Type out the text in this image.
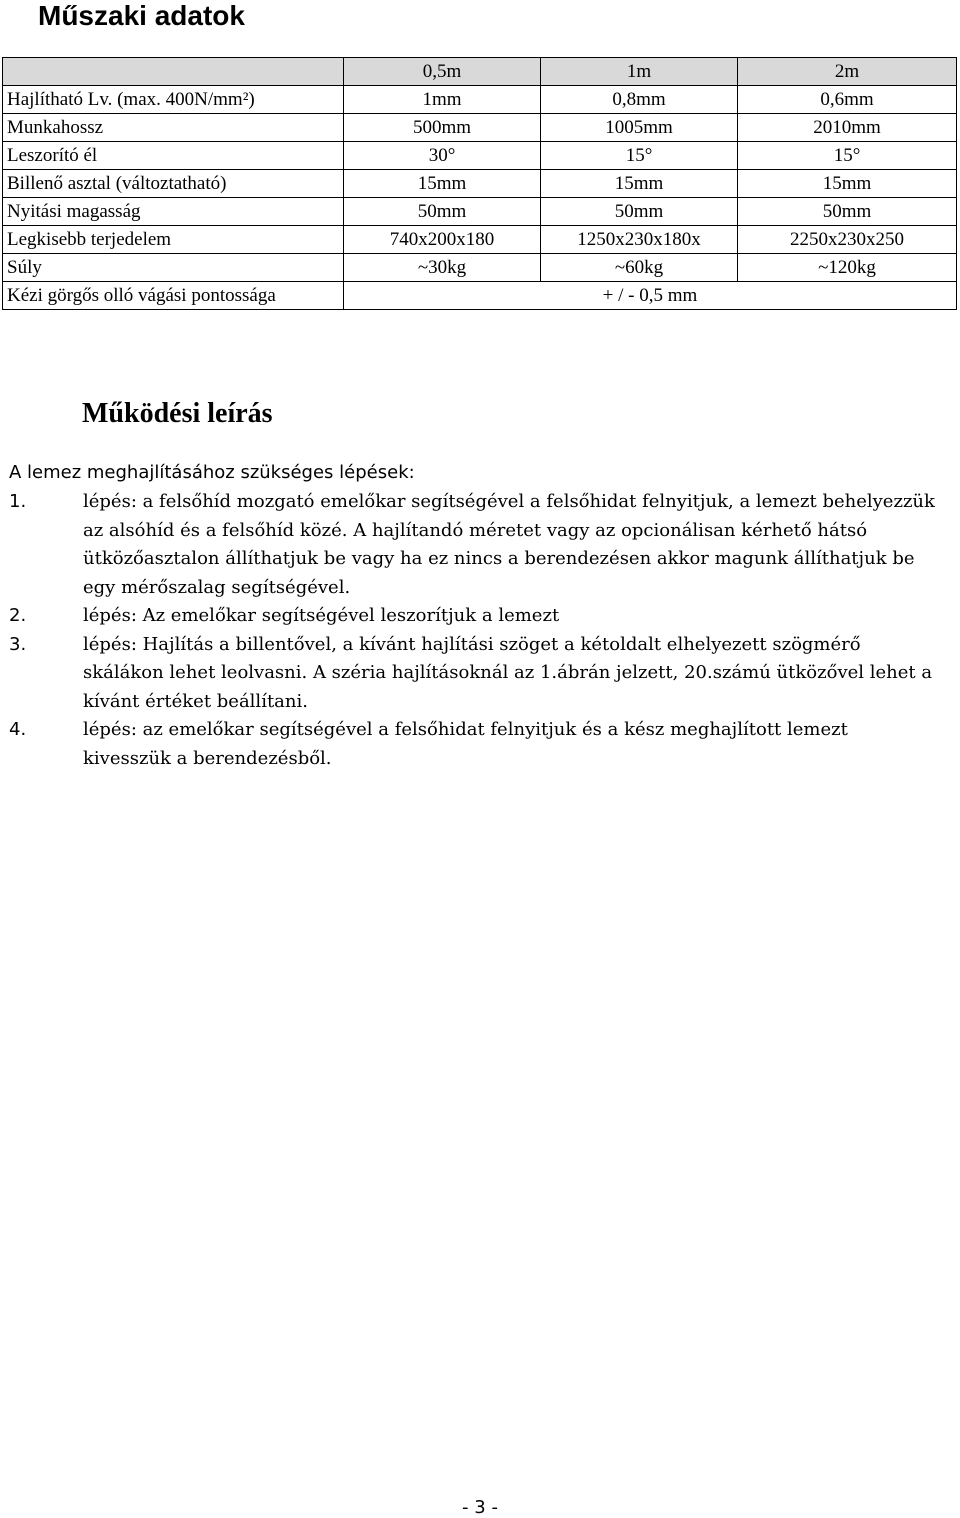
Műszaki adatok
	0,5m	1m	2m
Hajlítható Lv. (max. 400N/mm²)	1mm	0,8mm	0,6mm
Munkahossz	500mm	1005mm	2010mm
Leszorító él	30°	15°	15°
Billenő asztal (változtatható)	15mm	15mm	15mm
Nyitási magasság	50mm	50mm	50mm
Legkisebb terjedelem	740x200x180	1250x230x180x	2250x230x250
Súly	~30kg	~60kg	~120kg
Kézi görgős olló vágási pontossága	+ / - 0,5 mm		
Működési leírás

A lemez meghajlításához szükséges lépések:

1.	lépés: a felsőhíd mozgató emelőkar segítségével a felsőhidat felnyitjuk, a lemezt behelyezzük az alsóhíd és a felsőhíd közé. A hajlítandó méretet vagy az opcionálisan kérhető hátsó ütközőasztalon állíthatjuk be vagy ha ez nincs a berendezésen akkor magunk állíthatjuk be egy mérőszalag segítségével.
2.	lépés: Az emelőkar segítségével leszorítjuk a lemezt
3.	lépés: Hajlítás a billentővel, a kívánt hajlítási szöget a kétoldalt elhelyezett szögmérő skálákon lehet leolvasni. A széria hajlításoknál az 1.ábrán jelzett, 20.számú ütközővel lehet a kívánt értéket beállítani.
4.	lépés: az emelőkar segítségével a felsőhidat felnyitjuk és a kész meghajlított lemezt kivesszük a berendezésből.
- 3 -
